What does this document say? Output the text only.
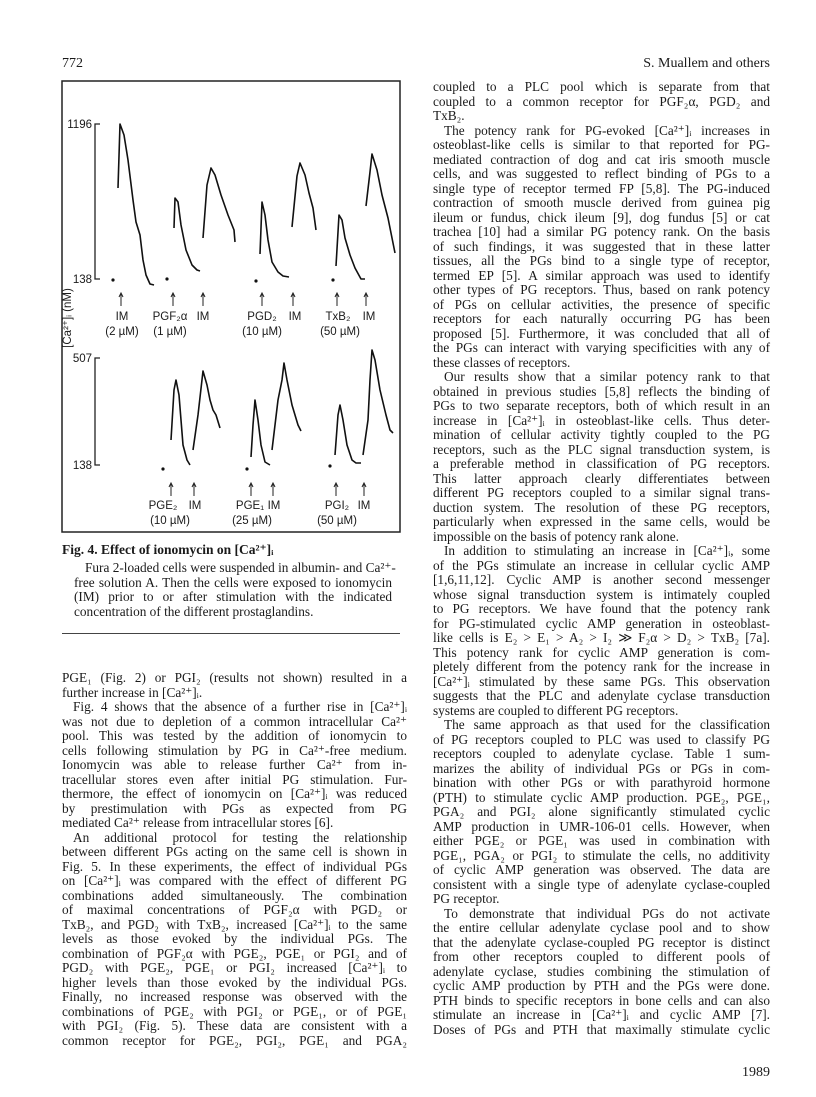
772	S. Muallem and others
1196
138
507
138
[Ca²⁺]ᵢ (nM)	IM
(2 µM)
PGF₂α
(1 µM)
IM	PGD₂
(10 µM)
IM TxB₂
(50 µM)
IM
PGE₂
(10 µM)
IM	PGE₁
(25 µM)
IM	PGI₂
(50 µM)
IM
Fig. 4. Effect of ionomycin on [Ca²⁺]ᵢ
Fura 2-loaded cells were suspended in albumin- and Ca²⁺-
free solution A. Then the cells were exposed to ionomycin
(IM) prior to or after stimulation with the indicated
concentration of the different prostaglandins.
PGE₁ (Fig. 2) or PGI₂ (results not shown) resulted in a
further increase in [Ca²⁺]ᵢ.
Fig. 4 shows that the absence of a further rise in [Ca²⁺]ᵢ
was not due to depletion of a common intracellular Ca²⁺
pool. This was tested by the addition of ionomycin to
cells following stimulation by PG in Ca²⁺-free medium.
Ionomycin was able to release further Ca²⁺ from in-
tracellular stores even after initial PG stimulation. Fur-
thermore, the effect of ionomycin on [Ca²⁺]ᵢ was reduced
by prestimulation with PGs as expected from PG
mediated Ca²⁺ release from intracellular stores [6].
An additional protocol for testing the relationship
between different PGs acting on the same cell is shown in
Fig. 5. In these experiments, the effect of individual PGs
on [Ca²⁺]ᵢ was compared with the effect of different PG
combinations added simultaneously. The combination
of maximal concentrations of PGF₂α with PGD₂ or
TxB₂, and PGD₂ with TxB₂, increased [Ca²⁺]ᵢ to the same
levels as those evoked by the individual PGs. The
combination of PGF₂α with PGE₂, PGE₁ or PGI₂ and of
PGD₂ with PGE₂, PGE₁ or PGI₂ increased [Ca²⁺]ᵢ to
higher levels than those evoked by the individual PGs.
Finally, no increased response was observed with the
combinations of PGE₂ with PGI₂ or PGE₁, or of PGE₁
with PGI₂ (Fig. 5). These data are consistent with a
common receptor for PGE₂, PGI₂, PGE₁ and PGA₂
coupled to a PLC pool which is separate from that
coupled to a common receptor for PGF₂α, PGD₂ and
TxB₂.
The potency rank for PG-evoked [Ca²⁺]ᵢ increases in
osteoblast-like cells is similar to that reported for PG-
mediated contraction of dog and cat iris smooth muscle
cells, and was suggested to reflect binding of PGs to a
single type of receptor termed FP [5,8]. The PG-induced
contraction of smooth muscle derived from guinea pig
ileum or fundus, chick ileum [9], dog fundus [5] or cat
trachea [10] had a similar PG potency rank. On the basis
of such findings, it was suggested that in these latter
tissues, all the PGs bind to a single type of receptor,
termed EP [5]. A similar approach was used to identify
other types of PG receptors. Thus, based on rank potency
of PGs on cellular activities, the presence of specific
receptors for each naturally occurring PG has been
proposed [5]. Furthermore, it was concluded that all of
the PGs can interact with varying specificities with any of
these classes of receptors.
Our results show that a similar potency rank to that
obtained in previous studies [5,8] reflects the binding of
PGs to two separate receptors, both of which result in an
increase in [Ca²⁺]ᵢ in osteoblast-like cells. Thus deter-
mination of cellular activity tightly coupled to the PG
receptors, such as the PLC signal transduction system, is
a preferable method in classification of PG receptors.
This latter approach clearly differentiates between
different PG receptors coupled to a similar signal trans-
duction system. The resolution of these PG receptors,
particularly when expressed in the same cells, would be
impossible on the basis of potency rank alone.
In addition to stimulating an increase in [Ca²⁺]ᵢ, some
of the PGs stimulate an increase in cellular cyclic AMP
[1,6,11,12]. Cyclic AMP is another second messenger
whose signal transduction system is intimately coupled
to PG receptors. We have found that the potency rank
for PG-stimulated cyclic AMP generation in osteoblast-
like cells is E₂ > E₁ > A₂ > I₂ ≫ F₂α > D₂ > TxB₂ [7a].
This potency rank for cyclic AMP generation is com-
pletely different from the potency rank for the increase in
[Ca²⁺]ᵢ stimulated by these same PGs. This observation
suggests that the PLC and adenylate cyclase transduction
systems are coupled to different PG receptors.
The same approach as that used for the classification
of PG receptors coupled to PLC was used to classify PG
receptors coupled to adenylate cyclase. Table 1 sum-
marizes the ability of individual PGs or PGs in com-
bination with other PGs or with parathyroid hormone
(PTH) to stimulate cyclic AMP production. PGE₂, PGE₁,
PGA₂ and PGI₂ alone significantly stimulated cyclic
AMP production in UMR-106-01 cells. However, when
either PGE₂ or PGE₁ was used in combination with
PGE₁, PGA₂ or PGI₂ to stimulate the cells, no additivity
of cyclic AMP generation was observed. The data are
consistent with a single type of adenylate cyclase-coupled
PG receptor.
To demonstrate that individual PGs do not activate
the entire cellular adenylate cyclase pool and to show
that the adenylate cyclase-coupled PG receptor is distinct
from other receptors coupled to different pools of
adenylate cyclase, studies combining the stimulation of
cyclic AMP production by PTH and the PGs were done.
PTH binds to specific receptors in bone cells and can also
stimulate an increase in [Ca²⁺]ᵢ and cyclic AMP [7].
Doses of PGs and PTH that maximally stimulate cyclic
1989
